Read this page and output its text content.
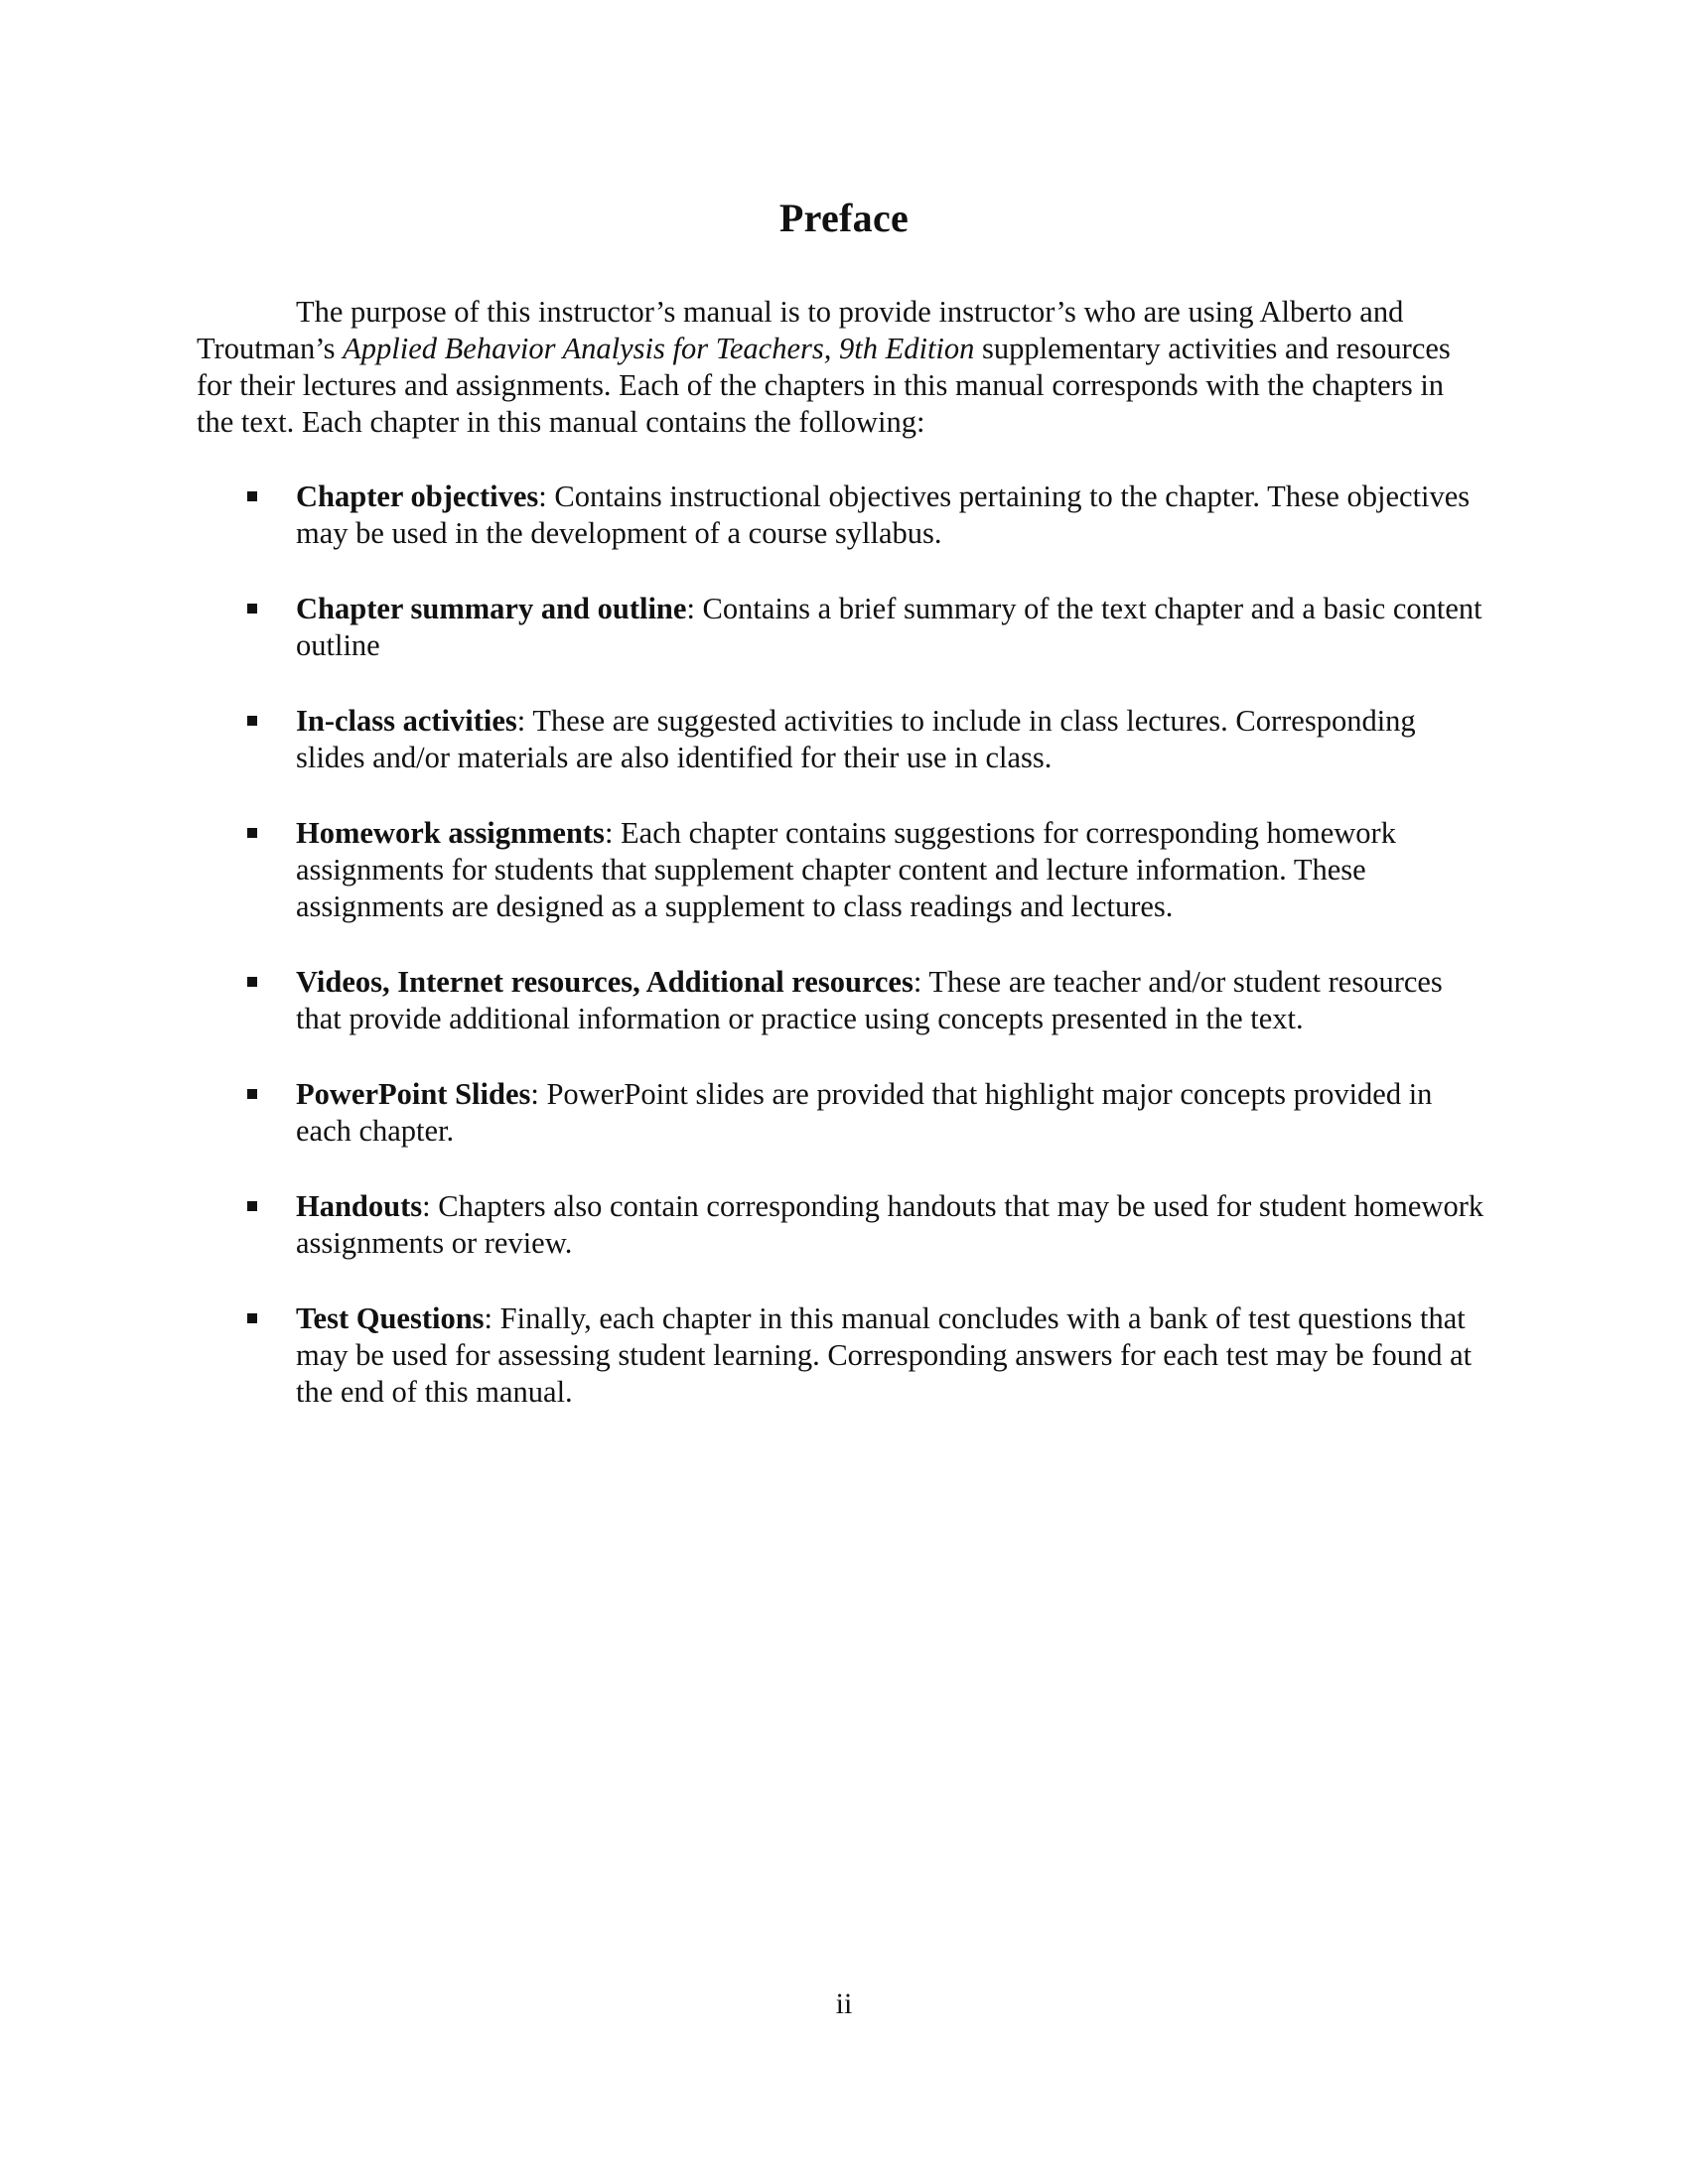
Preface

The purpose of this instructor’s manual is to provide instructor’s who are using Alberto and Troutman’s Applied Behavior Analysis for Teachers, 9th Edition supplementary activities and resources for their lectures and assignments. Each of the chapters in this manual corresponds with the chapters in the text. Each chapter in this manual contains the following:

Chapter objectives: Contains instructional objectives pertaining to the chapter. These objectives may be used in the development of a course syllabus.
Chapter summary and outline: Contains a brief summary of the text chapter and a basic content outline
In-class activities: These are suggested activities to include in class lectures. Corresponding slides and/or materials are also identified for their use in class.
Homework assignments: Each chapter contains suggestions for corresponding homework assignments for students that supplement chapter content and lecture information. These assignments are designed as a supplement to class readings and lectures.
Videos, Internet resources, Additional resources: These are teacher and/or student resources that provide additional information or practice using concepts presented in the text.
PowerPoint Slides: PowerPoint slides are provided that highlight major concepts provided in each chapter.
Handouts: Chapters also contain corresponding handouts that may be used for student homework assignments or review.
Test Questions: Finally, each chapter in this manual concludes with a bank of test questions that may be used for assessing student learning. Corresponding answers for each test may be found at the end of this manual.

ii
